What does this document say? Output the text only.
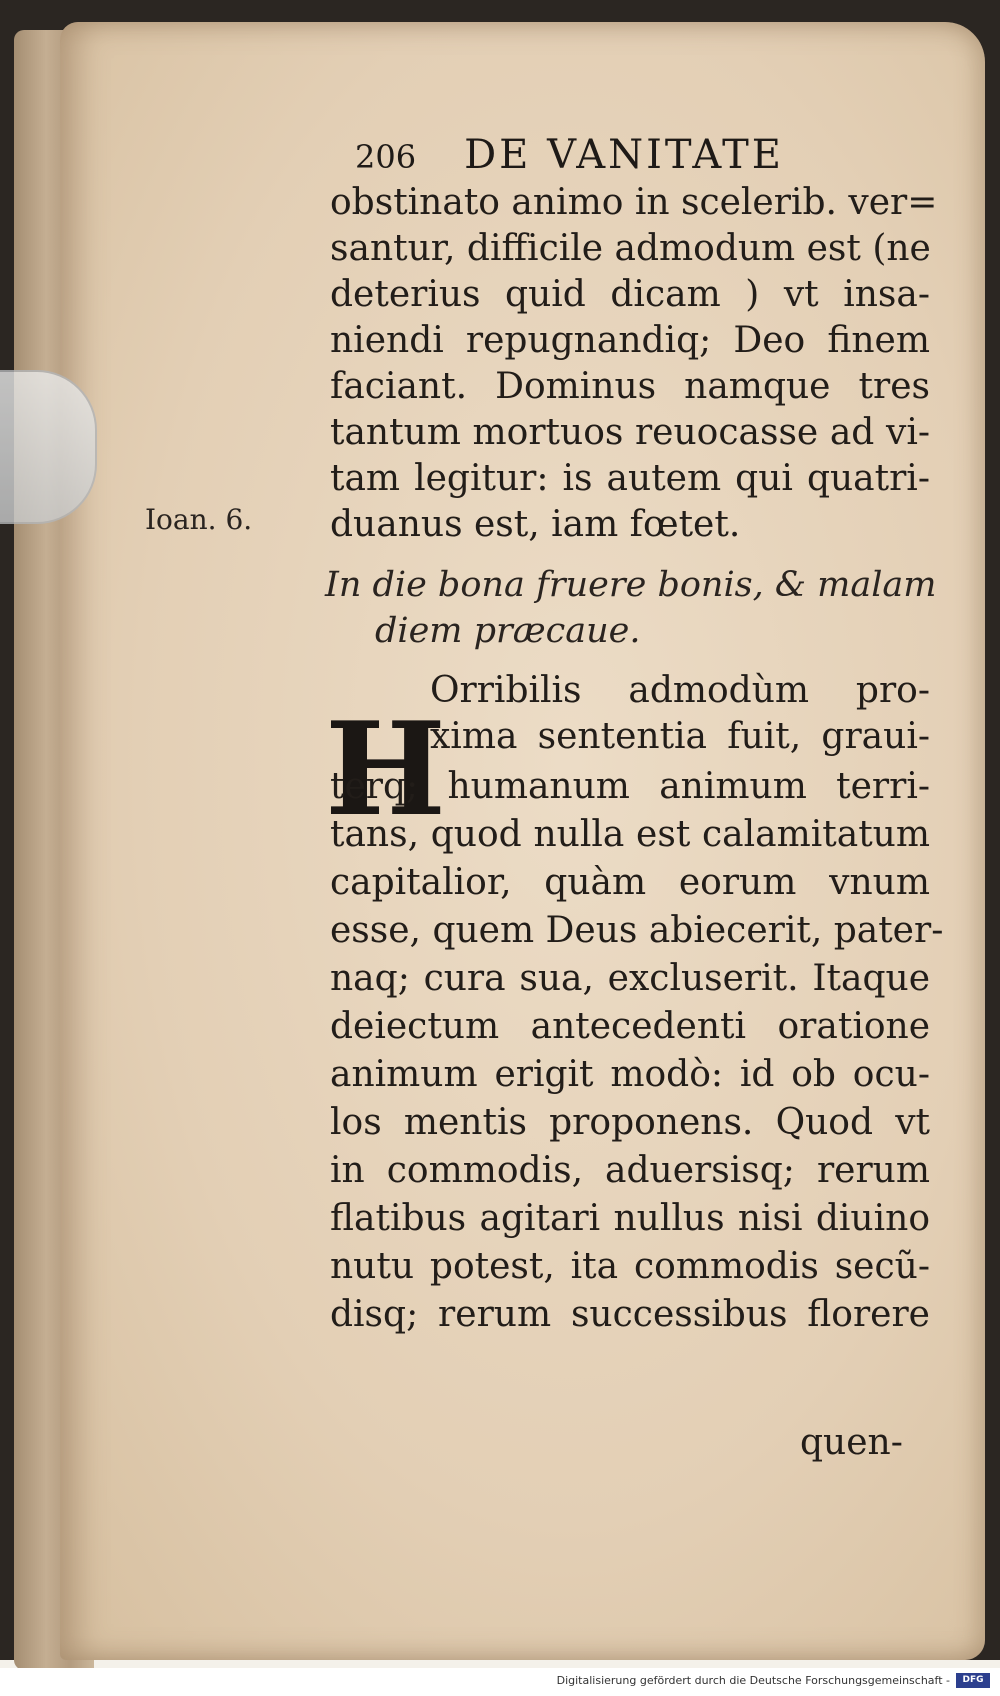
206 DE VANITATE
obstinato animo in scelerib. ver=
santur, difficile admodum est (ne
deterius quid dicam ) vt insa-
niendi repugnandiq; Deo finem
faciant. Dominus namque tres
tantum mortuos reuocasse ad vi-
tam legitur: is autem qui quatri-
duanus est, iam fœtet.
Ioan. 6.
In die bona fruere bonis, & malam
diem præcaue.
H
Orribilis admodùm pro-
xima sententia fuit, graui-
terq; humanum animum terri-
tans, quod nulla est calamitatum
capitalior, quàm eorum vnum
esse, quem Deus abiecerit, pater-
naq; cura sua, excluserit. Itaque
deiectum antecedenti oratione
animum erigit modò: id ob ocu-
los mentis proponens. Quod vt
in commodis, aduersisq; rerum
flatibus agitari nullus nisi diuino
nutu potest, ita commodis secũ-
disq; rerum successibus florere
quen-
Digitalisierung gefördert durch die Deutsche Forschungsgemeinschaft -	DFG
